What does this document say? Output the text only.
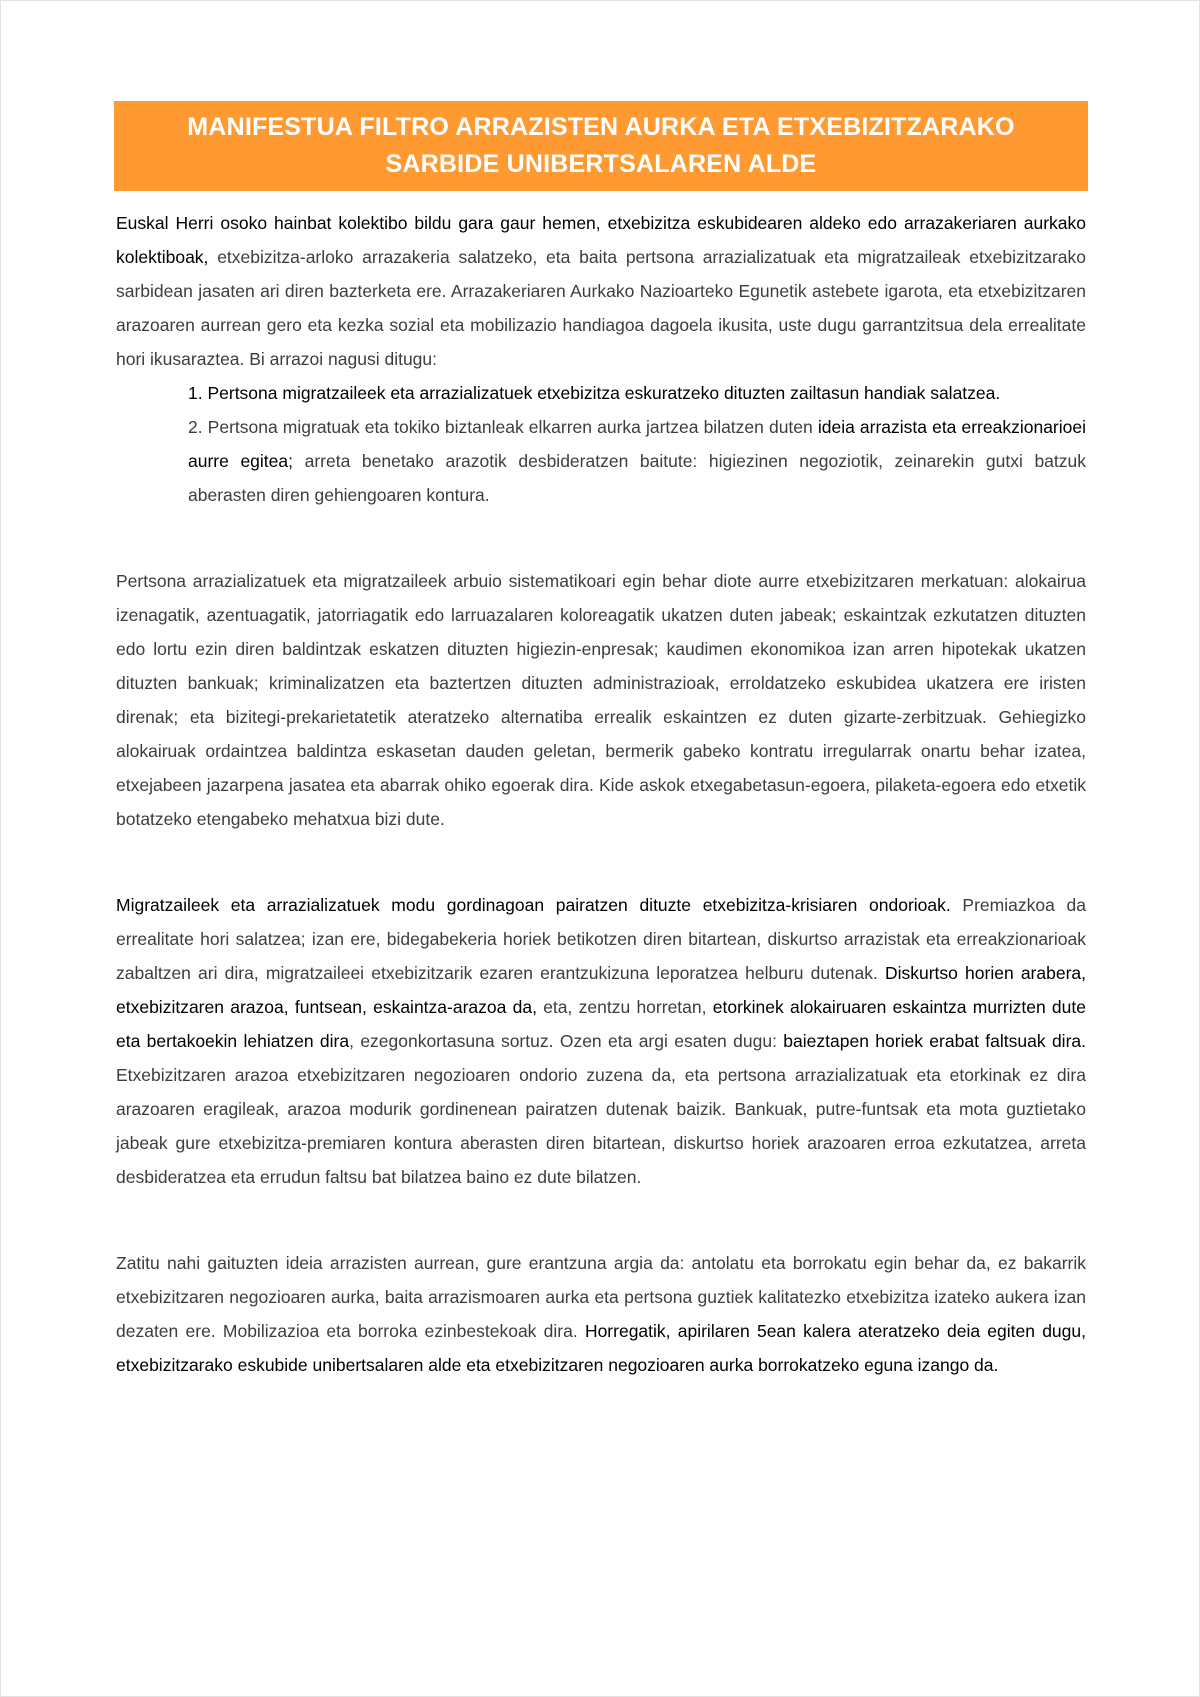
MANIFESTUA FILTRO ARRAZISTEN AURKA ETA ETXEBIZITZARAKO
SARBIDE UNIBERTSALAREN ALDE

Euskal Herri osoko hainbat kolektibo bildu gara gaur hemen, etxebizitza eskubidearen aldeko edo arrazakeriaren aurkako kolektiboak, etxebizitza-arloko arrazakeria salatzeko, eta baita pertsona arrazializatuak eta migratzaileak etxebizitzarako sarbidean jasaten ari diren bazterketa ere. Arrazakeriaren Aurkako Nazioarteko Egunetik astebete igarota, eta etxebizitzaren arazoaren aurrean gero eta kezka sozial eta mobilizazio handiagoa dagoela ikusita, uste dugu garrantzitsua dela errealitate hori ikusaraztea. Bi arrazoi nagusi ditugu:

1. Pertsona migratzaileek eta arrazializatuek etxebizitza eskuratzeko dituzten zailtasun handiak salatzea.
2. Pertsona migratuak eta tokiko biztanleak elkarren aurka jartzea bilatzen duten ideia arrazista eta erreakzionarioei aurre egitea; arreta benetako arazotik desbideratzen baitute: higiezinen negoziotik, zeinarekin gutxi batzuk aberasten diren gehiengoaren kontura.

Pertsona arrazializatuek eta migratzaileek arbuio sistematikoari egin behar diote aurre etxebizitzaren merkatuan: alokairua izenagatik, azentuagatik, jatorriagatik edo larruazalaren koloreagatik ukatzen duten jabeak; eskaintzak ezkutatzen dituzten edo lortu ezin diren baldintzak eskatzen dituzten higiezin-enpresak; kaudimen ekonomikoa izan arren hipotekak ukatzen dituzten bankuak; kriminalizatzen eta baztertzen dituzten administrazioak, erroldatzeko eskubidea ukatzera ere iristen direnak; eta bizitegi-prekarietatetik ateratzeko alternatiba errealik eskaintzen ez duten gizarte-zerbitzuak. Gehiegizko alokairuak ordaintzea baldintza eskasetan dauden geletan, bermerik gabeko kontratu irregularrak onartu behar izatea, etxejabeen jazarpena jasatea eta abarrak ohiko egoerak dira. Kide askok etxegabetasun-egoera, pilaketa-egoera edo etxetik botatzeko etengabeko mehatxua bizi dute.

Migratzaileek eta arrazializatuek modu gordinagoan pairatzen dituzte etxebizitza-krisiaren ondorioak. Premiazkoa da errealitate hori salatzea; izan ere, bidegabekeria horiek betikotzen diren bitartean, diskurtso arrazistak eta erreakzionarioak zabaltzen ari dira, migratzaileei etxebizitzarik ezaren erantzukizuna leporatzea helburu dutenak. Diskurtso horien arabera, etxebizitzaren arazoa, funtsean, eskaintza-arazoa da, eta, zentzu horretan, etorkinek alokairuaren eskaintza murrizten dute eta bertakoekin lehiatzen dira, ezegonkortasuna sortuz. Ozen eta argi esaten dugu: baieztapen horiek erabat faltsuak dira. Etxebizitzaren arazoa etxebizitzaren negozioaren ondorio zuzena da, eta pertsona arrazializatuak eta etorkinak ez dira arazoaren eragileak, arazoa modurik gordinenean pairatzen dutenak baizik. Bankuak, putre-funtsak eta mota guztietako jabeak gure etxebizitza-premiaren kontura aberasten diren bitartean, diskurtso horiek arazoaren erroa ezkutatzea, arreta desbideratzea eta errudun faltsu bat bilatzea baino ez dute bilatzen.

Zatitu nahi gaituzten ideia arrazisten aurrean, gure erantzuna argia da: antolatu eta borrokatu egin behar da, ez bakarrik etxebizitzaren negozioaren aurka, baita arrazismoaren aurka eta pertsona guztiek kalitatezko etxebizitza izateko aukera izan dezaten ere. Mobilizazioa eta borroka ezinbestekoak dira. Horregatik, apirilaren 5ean kalera ateratzeko deia egiten dugu, etxebizitzarako eskubide unibertsalaren alde eta etxebizitzaren negozioaren aurka borrokatzeko eguna izango da.
